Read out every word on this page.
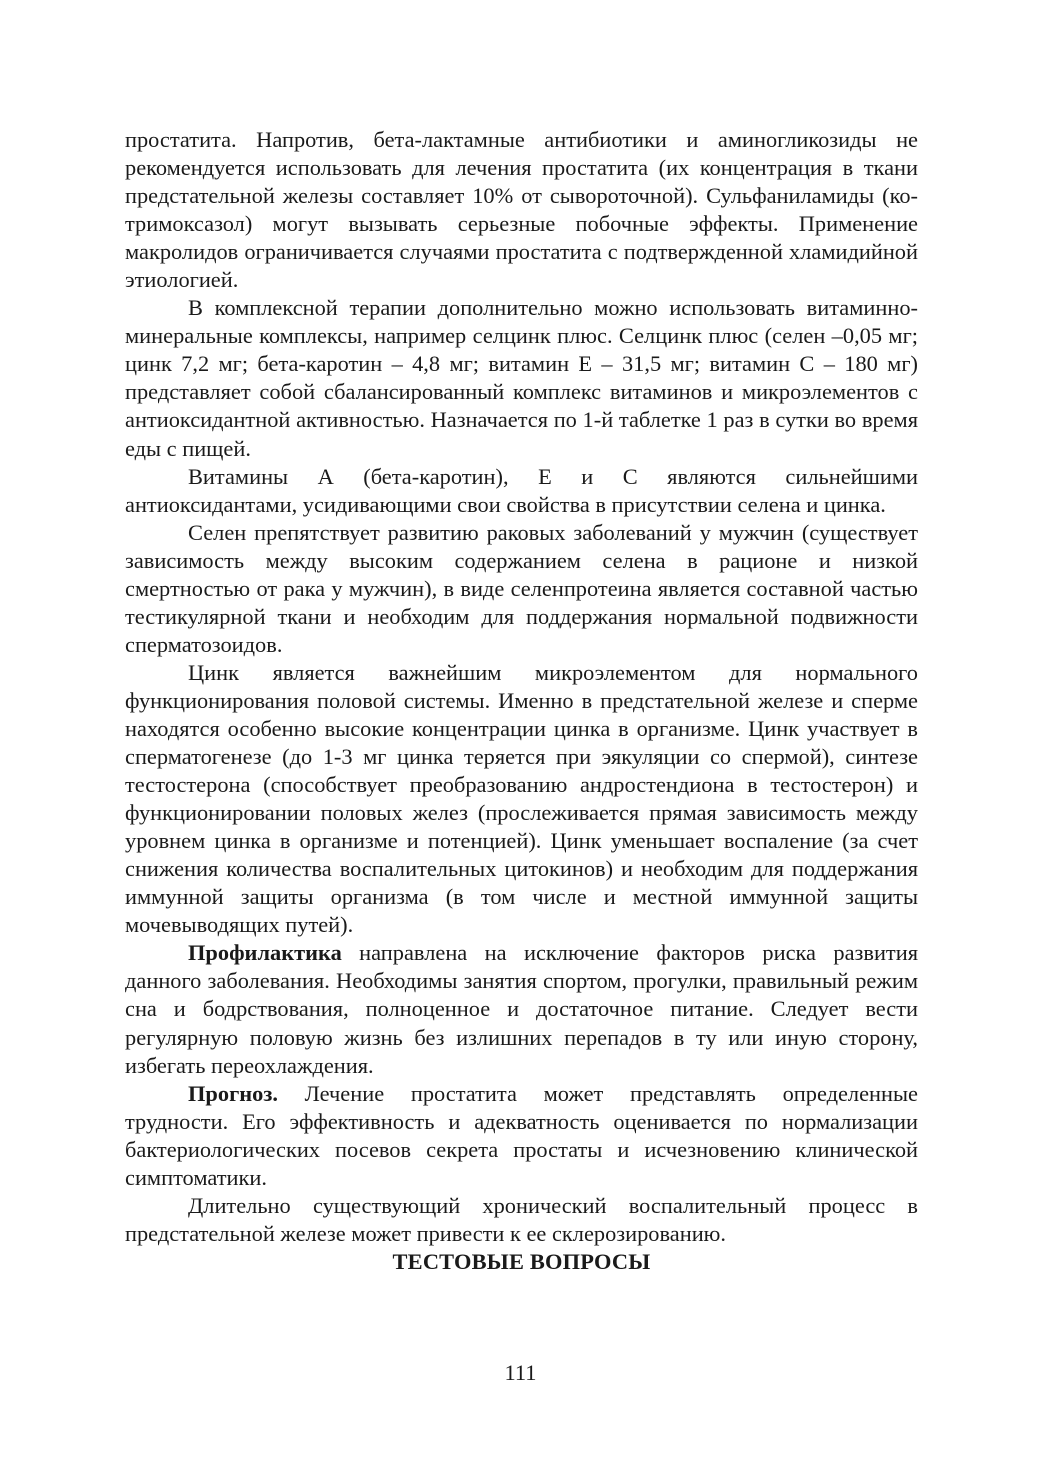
простатита. Напротив, бета-лактамные антибиотики и аминогликозиды не рекомендуется использовать для лечения простатита (их концентрация в ткани предстательной железы составляет 10% от сывороточной). Сульфаниламиды (ко-тримоксазол) могут вызывать серьезные побочные эффекты. Применение макролидов ограничивается случаями простатита с подтвержденной хламидийной этиологией.

В комплексной терапии дополнительно можно использовать витаминно-минеральные комплексы, например селцинк плюс. Селцинк плюс (селен –0,05 мг; цинк 7,2 мг; бета-каротин – 4,8 мг; витамин Е – 31,5 мг; витамин С – 180 мг) представляет собой сбалансированный комплекс витаминов и микроэлементов с антиоксидантной активностью. Назначается по 1-й таблетке 1 раз в сутки во время еды с пищей.

Витамины А (бета-каротин), Е и С являются сильнейшими антиоксидантами, усидивающими свои свойства в присутствии селена и цинка.

Селен препятствует развитию раковых заболеваний у мужчин (существует зависимость между высоким содержанием селена в рационе и низкой смертностью от рака у мужчин), в виде селенпротеина является составной частью тестикулярной ткани и необходим для поддержания нормальной подвижности сперматозоидов.

Цинк является важнейшим микроэлементом для нормального функционирования половой системы. Именно в предстательной железе и сперме находятся особенно высокие концентрации цинка в организме. Цинк участвует в сперматогенезе (до 1-3 мг цинка теряется при эякуляции со спермой), синтезе тестостерона (способствует преобразованию андростендиона в тестостерон) и функционировании половых желез (прослеживается прямая зависимость между уровнем цинка в организме и потенцией). Цинк уменьшает воспаление (за счет снижения количества воспалительных цитокинов) и необходим для поддержания иммунной защиты организма (в том числе и местной иммунной защиты мочевыводящих путей).

Профилактика направлена на исключение факторов риска развития данного заболевания. Необходимы занятия спортом, прогулки, правильный режим сна и бодрствования, полноценное и достаточное питание. Следует вести регулярную половую жизнь без излишних перепадов в ту или иную сторону, избегать переохлаждения.

Прогноз. Лечение простатита может представлять определенные трудности. Его эффективность и адекватность оценивается по нормализации бактериологических посевов секрета простаты и исчезновению клинической симптоматики.

Длительно существующий хронический воспалительный процесс в предстательной железе может привести к ее склерозированию.

ТЕСТОВЫЕ ВОПРОСЫ

111
